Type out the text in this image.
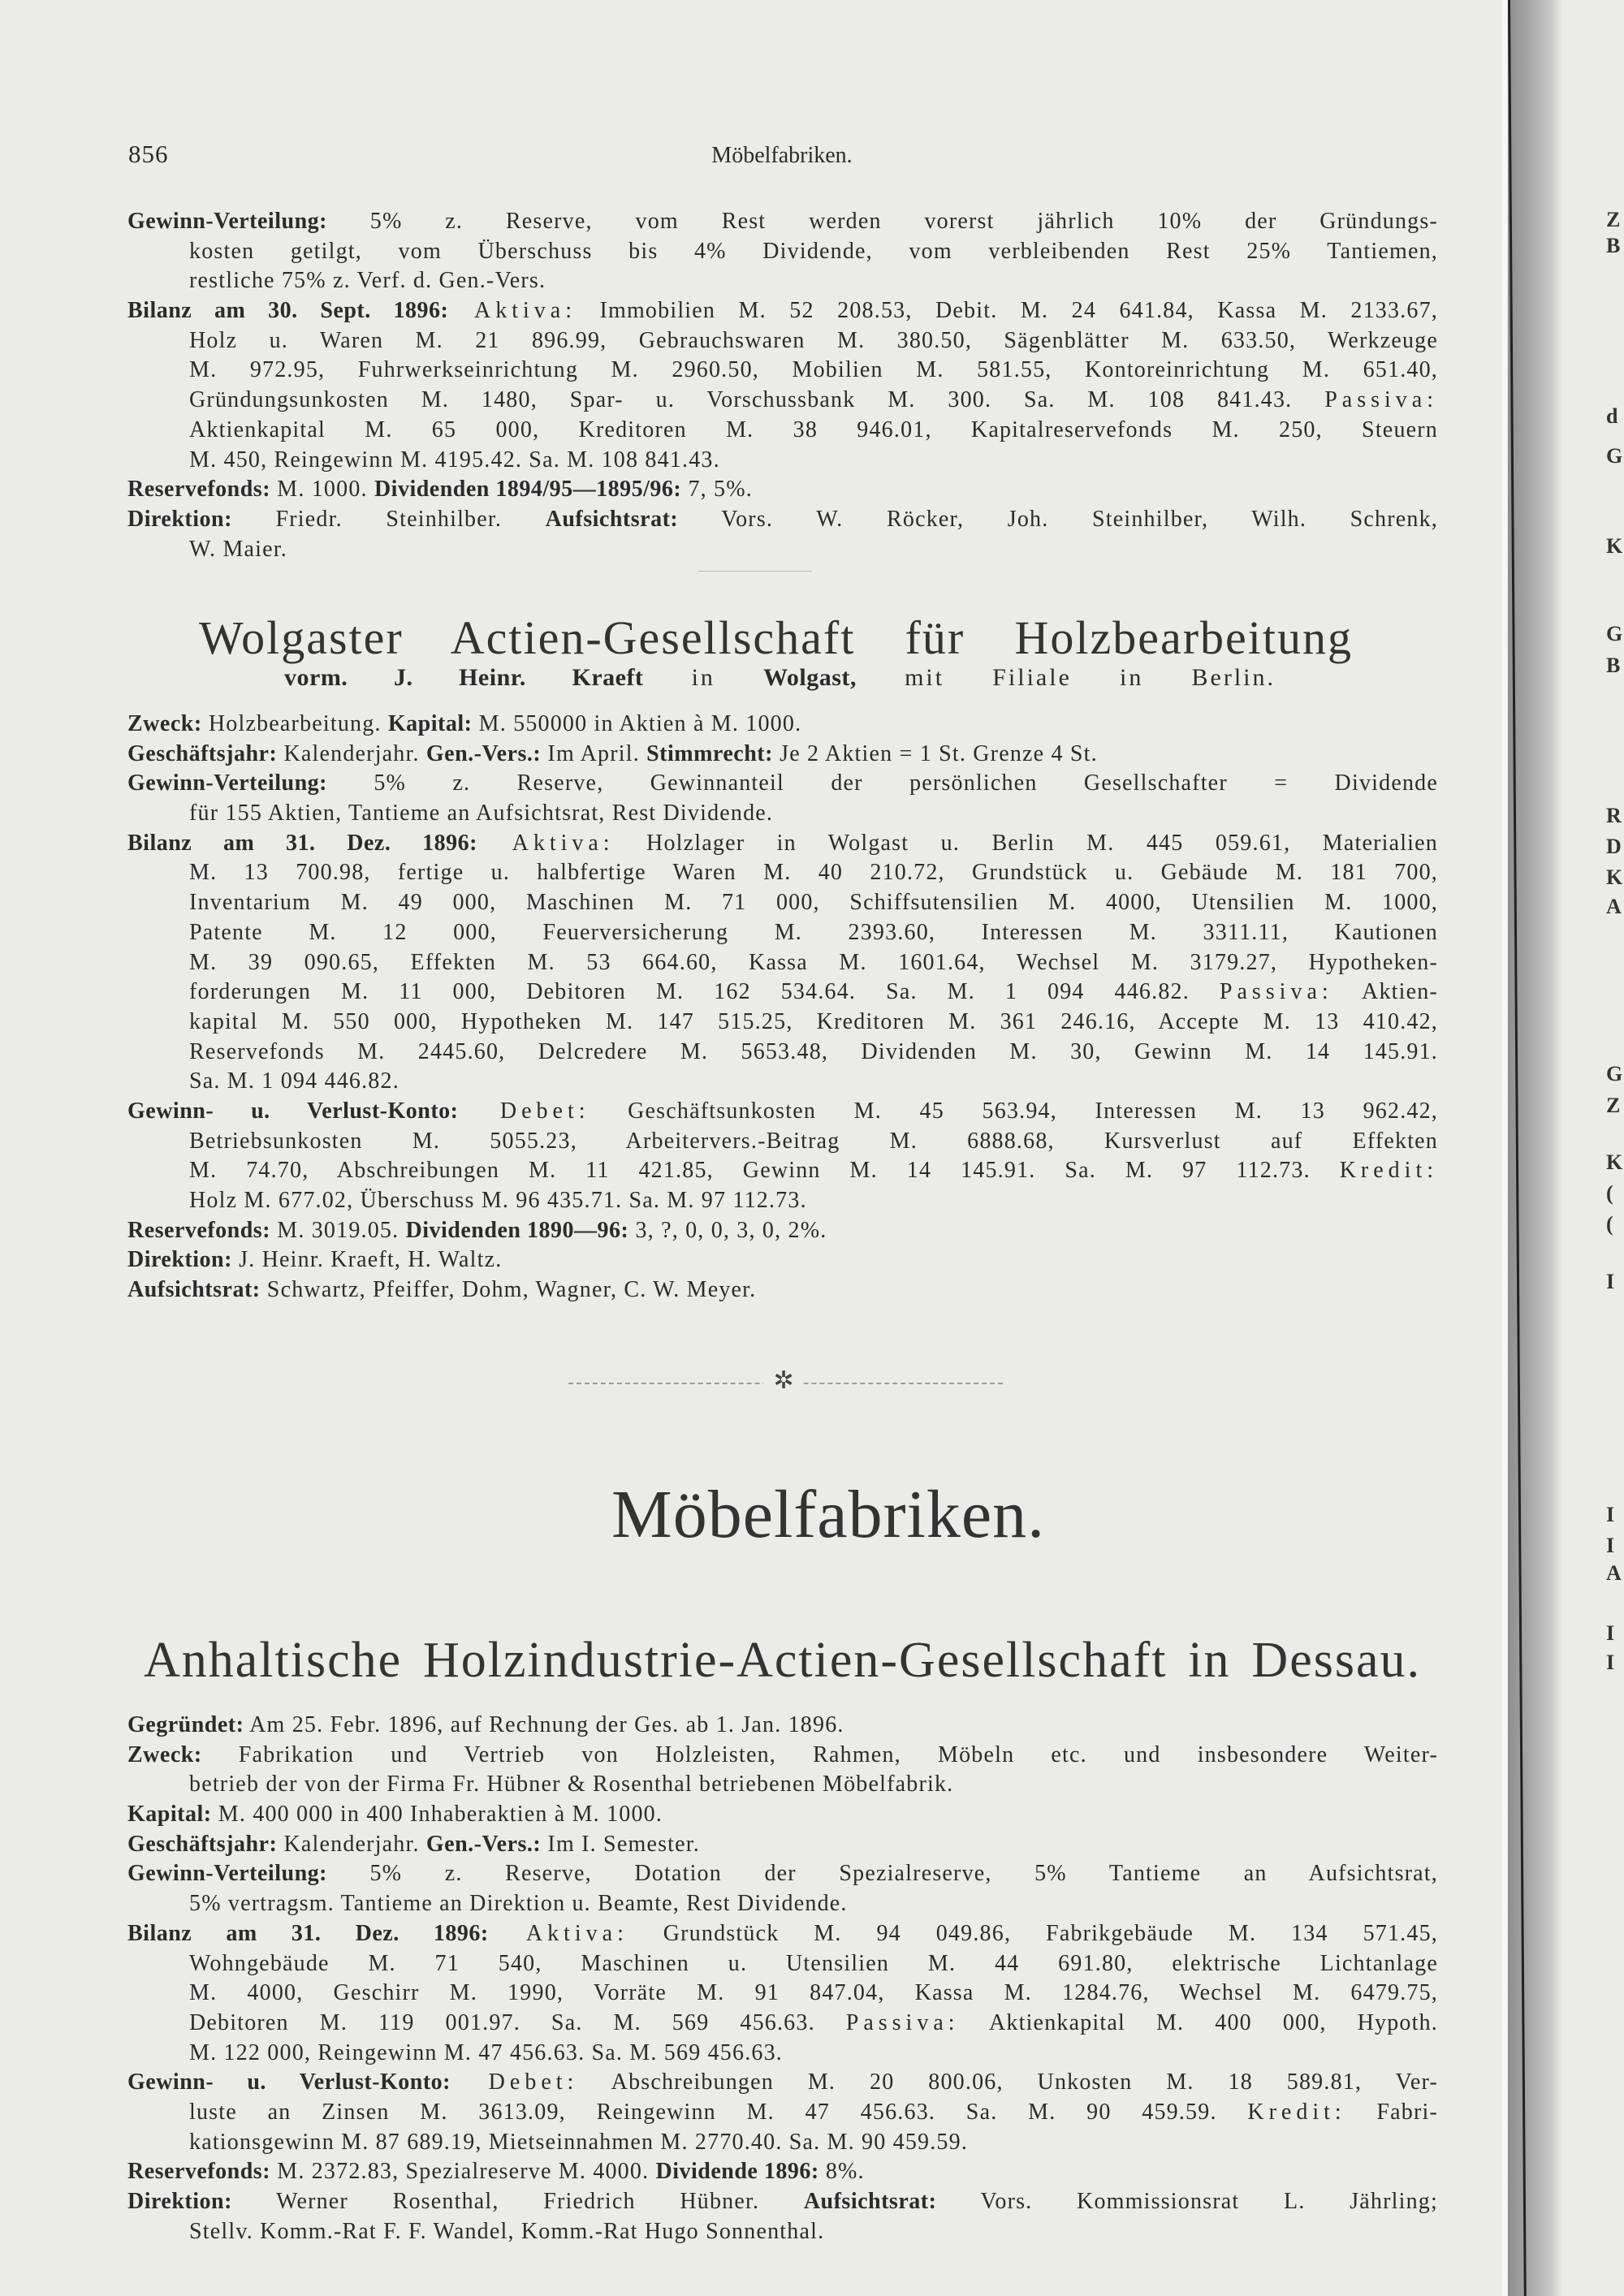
Z
B
d
G
K
G
B
R
D
K
A
G
Z
K
(
(
I
I
I
A
I
I
856	Möbelfabriken.
Gewinn-Verteilung: 5% z. Reserve, vom Rest werden vorerst jährlich 10% der Gründungs-
kosten getilgt, vom Überschuss bis 4% Dividende, vom verbleibenden Rest 25% Tantiemen,
restliche 75% z. Verf. d. Gen.-Vers.
Bilanz am 30. Sept. 1896: Aktiva: Immobilien M. 52 208.53, Debit. M. 24 641.84, Kassa M. 2133.67,
Holz u. Waren M. 21 896.99, Gebrauchswaren M. 380.50, Sägenblätter M. 633.50, Werkzeuge
M. 972.95, Fuhrwerkseinrichtung M. 2960.50, Mobilien M. 581.55, Kontoreinrichtung M. 651.40,
Gründungsunkosten M. 1480, Spar- u. Vorschussbank M. 300. Sa. M. 108 841.43. Passiva:
Aktienkapital M. 65 000, Kreditoren M. 38 946.01, Kapitalreservefonds M. 250, Steuern
M. 450, Reingewinn M. 4195.42. Sa. M. 108 841.43.
Reservefonds: M. 1000. Dividenden 1894/95—1895/96: 7, 5%.
Direktion: Friedr. Steinhilber. Aufsichtsrat: Vors. W. Röcker, Joh. Steinhilber, Wilh. Schrenk,
W. Maier.
Wolgaster Actien-Gesellschaft für Holzbearbeitung
vorm. J. Heinr. Kraeft in Wolgast, mit Filiale in Berlin.
Zweck: Holzbearbeitung. Kapital: M. 550000 in Aktien à M. 1000.
Geschäftsjahr: Kalenderjahr. Gen.-Vers.: Im April. Stimmrecht: Je 2 Aktien = 1 St. Grenze 4 St.
Gewinn-Verteilung: 5% z. Reserve, Gewinnanteil der persönlichen Gesellschafter = Dividende
für 155 Aktien, Tantieme an Aufsichtsrat, Rest Dividende.
Bilanz am 31. Dez. 1896: Aktiva: Holzlager in Wolgast u. Berlin M. 445 059.61, Materialien
M. 13 700.98, fertige u. halbfertige Waren M. 40 210.72, Grundstück u. Gebäude M. 181 700,
Inventarium M. 49 000, Maschinen M. 71 000, Schiffsutensilien M. 4000, Utensilien M. 1000,
Patente M. 12 000, Feuerversicherung M. 2393.60, Interessen M. 3311.11, Kautionen
M. 39 090.65, Effekten M. 53 664.60, Kassa M. 1601.64, Wechsel M. 3179.27, Hypotheken-
forderungen M. 11 000, Debitoren M. 162 534.64. Sa. M. 1 094 446.82. Passiva: Aktien-
kapital M. 550 000, Hypotheken M. 147 515.25, Kreditoren M. 361 246.16, Accepte M. 13 410.42,
Reservefonds M. 2445.60, Delcredere M. 5653.48, Dividenden M. 30, Gewinn M. 14 145.91.
Sa. M. 1 094 446.82.
Gewinn- u. Verlust-Konto: Debet: Geschäftsunkosten M. 45 563.94, Interessen M. 13 962.42,
Betriebsunkosten M. 5055.23, Arbeitervers.-Beitrag M. 6888.68, Kursverlust auf Effekten
M. 74.70, Abschreibungen M. 11 421.85, Gewinn M. 14 145.91. Sa. M. 97 112.73. Kredit:
Holz M. 677.02, Überschuss M. 96 435.71. Sa. M. 97 112.73.
Reservefonds: M. 3019.05. Dividenden 1890—96: 3, ?, 0, 0, 3, 0, 2%.
Direktion: J. Heinr. Kraeft, H. Waltz.
Aufsichtsrat: Schwartz, Pfeiffer, Dohm, Wagner, C. W. Meyer.
✲
Möbelfabriken.
Anhaltische Holzindustrie-Actien-Gesellschaft in Dessau.
Gegründet: Am 25. Febr. 1896, auf Rechnung der Ges. ab 1. Jan. 1896.
Zweck: Fabrikation und Vertrieb von Holzleisten, Rahmen, Möbeln etc. und insbesondere Weiter-
betrieb der von der Firma Fr. Hübner & Rosenthal betriebenen Möbelfabrik.
Kapital: M. 400 000 in 400 Inhaberaktien à M. 1000.
Geschäftsjahr: Kalenderjahr. Gen.-Vers.: Im I. Semester.
Gewinn-Verteilung: 5% z. Reserve, Dotation der Spezialreserve, 5% Tantieme an Aufsichtsrat,
5% vertragsm. Tantieme an Direktion u. Beamte, Rest Dividende.
Bilanz am 31. Dez. 1896: Aktiva: Grundstück M. 94 049.86, Fabrikgebäude M. 134 571.45,
Wohngebäude M. 71 540, Maschinen u. Utensilien M. 44 691.80, elektrische Lichtanlage
M. 4000, Geschirr M. 1990, Vorräte M. 91 847.04, Kassa M. 1284.76, Wechsel M. 6479.75,
Debitoren M. 119 001.97. Sa. M. 569 456.63. Passiva: Aktienkapital M. 400 000, Hypoth.
M. 122 000, Reingewinn M. 47 456.63. Sa. M. 569 456.63.
Gewinn- u. Verlust-Konto: Debet: Abschreibungen M. 20 800.06, Unkosten M. 18 589.81, Ver-
luste an Zinsen M. 3613.09, Reingewinn M. 47 456.63. Sa. M. 90 459.59. Kredit: Fabri-
kationsgewinn M. 87 689.19, Mietseinnahmen M. 2770.40. Sa. M. 90 459.59.
Reservefonds: M. 2372.83, Spezialreserve M. 4000. Dividende 1896: 8%.
Direktion: Werner Rosenthal, Friedrich Hübner. Aufsichtsrat: Vors. Kommissionsrat L. Jährling;
Stellv. Komm.-Rat F. F. Wandel, Komm.-Rat Hugo Sonnenthal.
